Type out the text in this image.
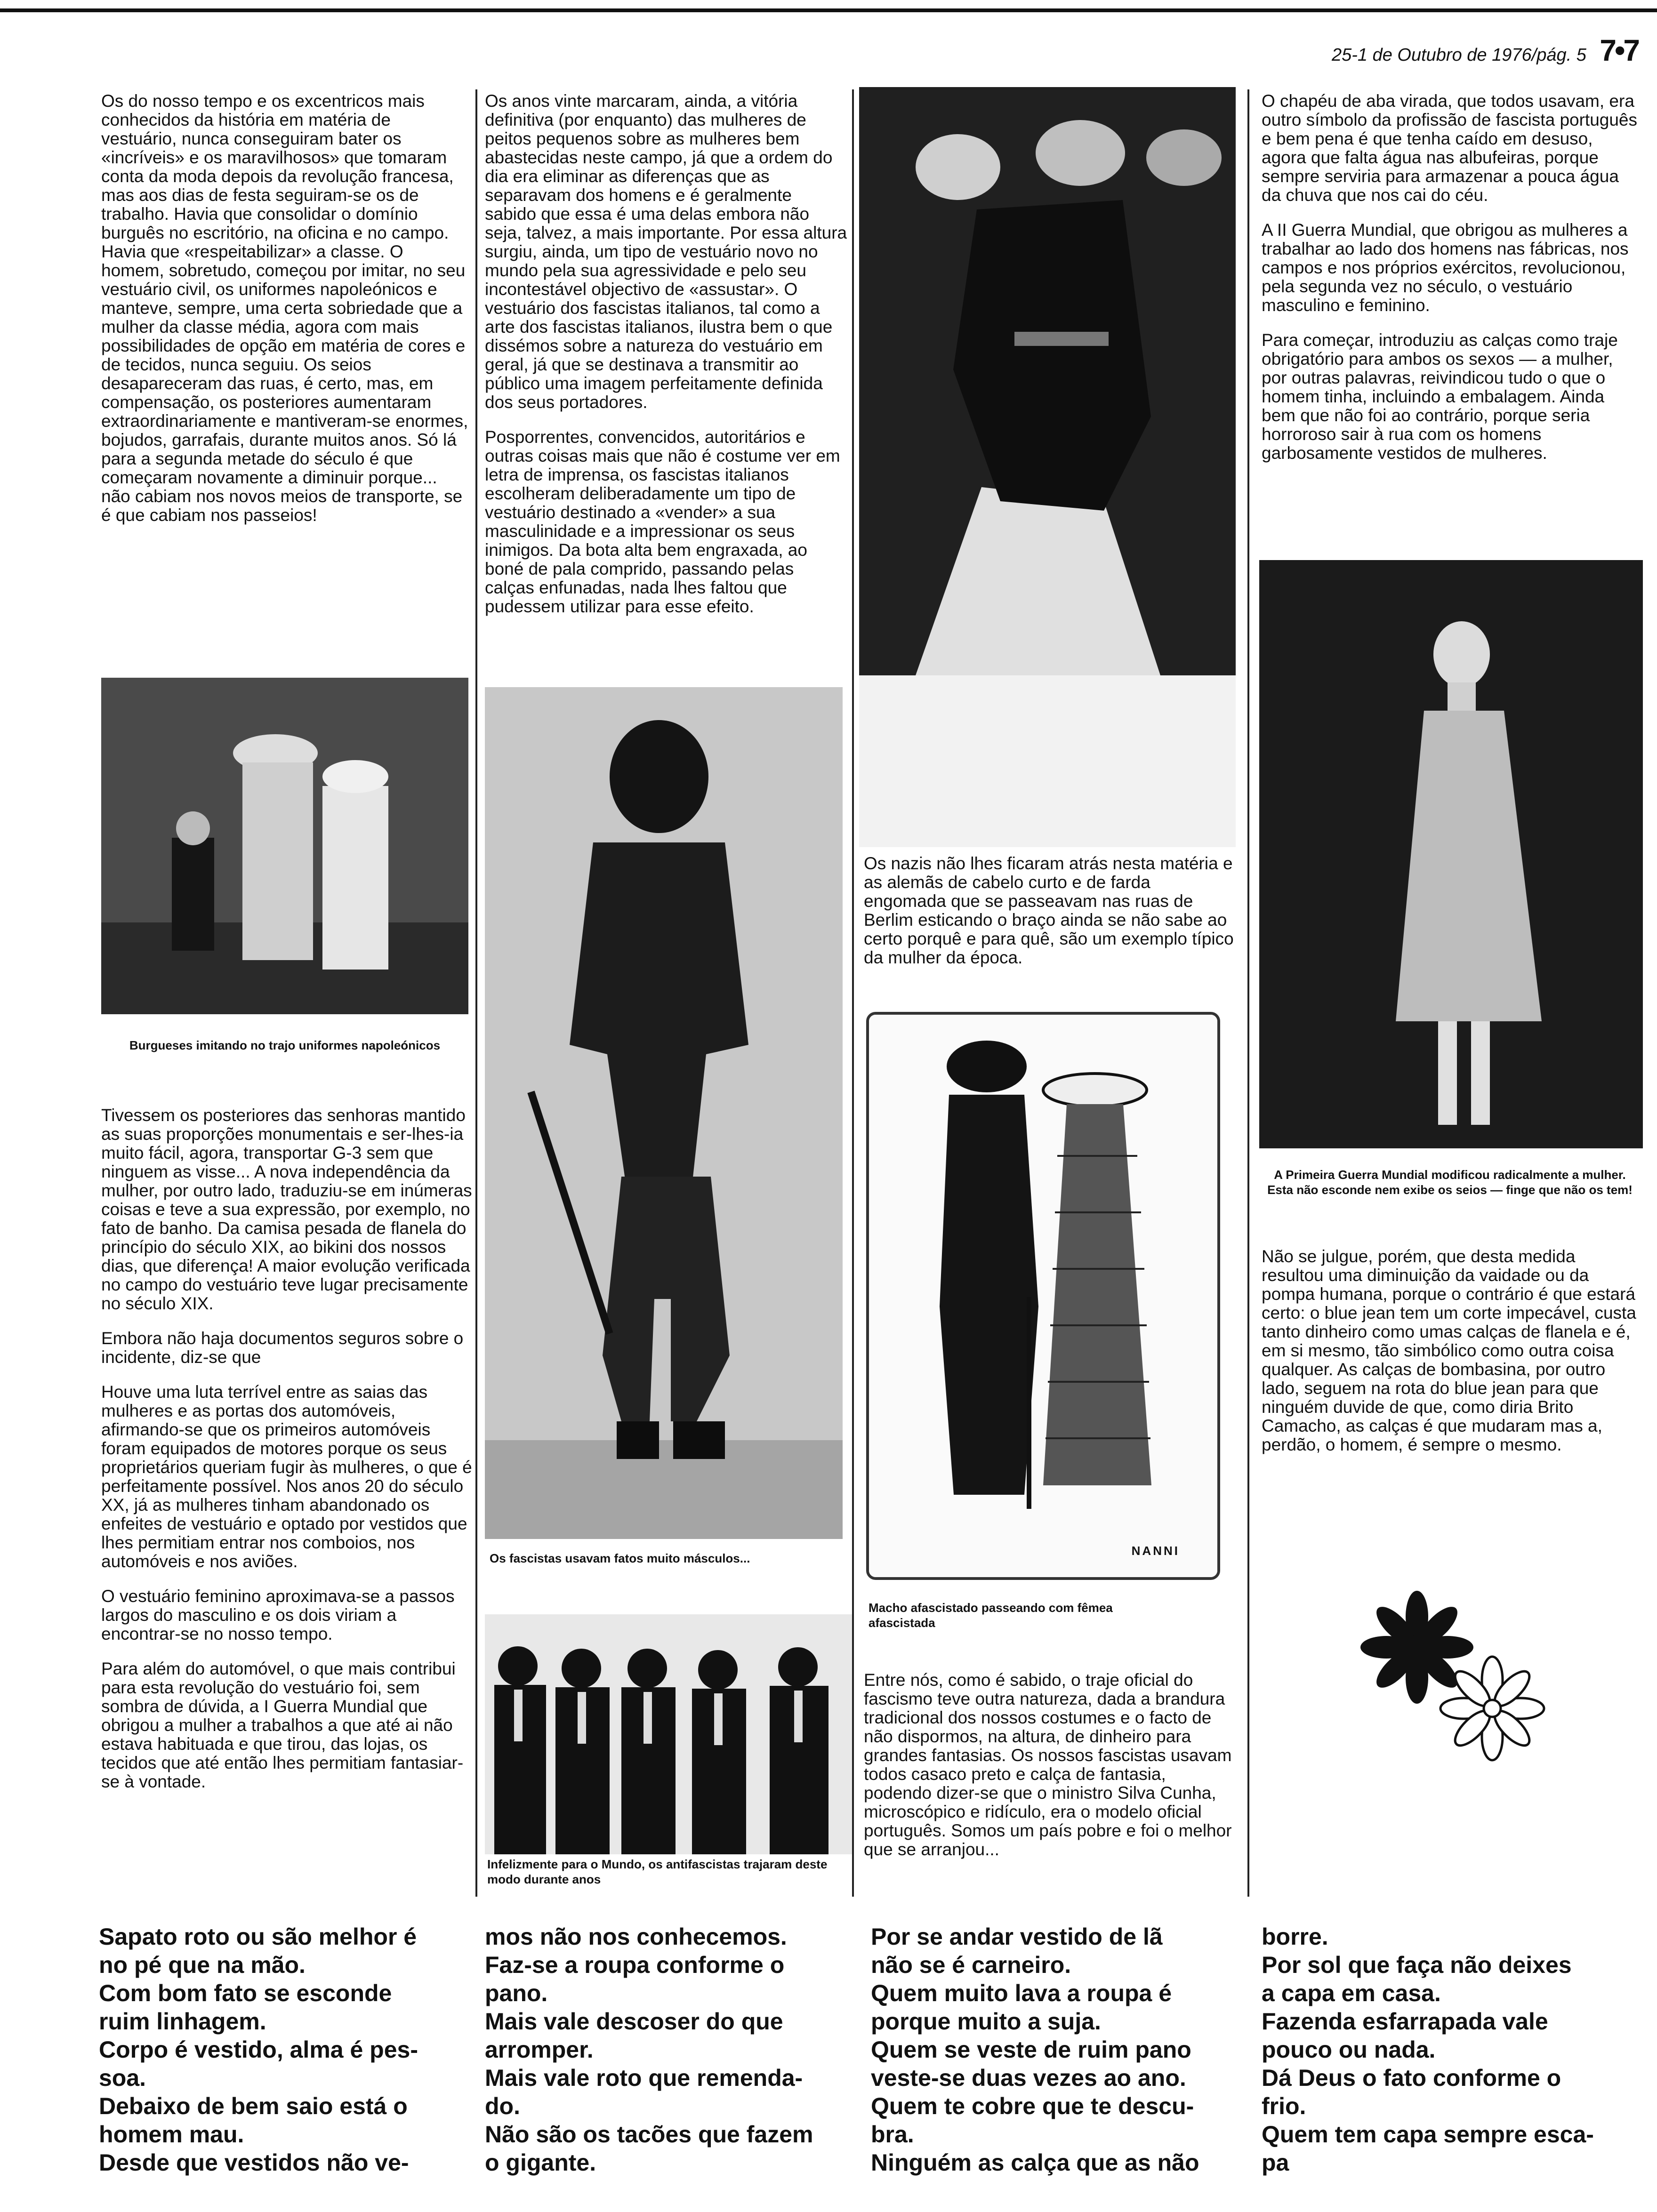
25-1 de Outubro de 1976/pág. 5 7•7

Os do nosso tempo e os excentricos mais conhecidos da história em matéria de vestuário, nunca conseguiram bater os «incríveis» e os maravilhosos» que tomaram conta da moda depois da revolução francesa, mas aos dias de festa seguiram-se os de trabalho. Havia que consolidar o domínio burguês no escritório, na oficina e no campo. Havia que «respeitabilizar» a classe. O homem, sobretudo, começou por imitar, no seu vestuário civil, os uniformes napoleónicos e manteve, sempre, uma certa sobriedade que a mulher da classe média, agora com mais possibilidades de opção em matéria de cores e de tecidos, nunca seguiu. Os seios desapareceram das ruas, é certo, mas, em compensação, os posteriores aumentaram extraordinariamente e mantiveram-se enormes, bojudos, garrafais, durante muitos anos. Só lá para a segunda metade do século é que começaram novamente a diminuir porque... não cabiam nos novos meios de transporte, se é que cabiam nos passeios!

Burgueses imitando no trajo uniformes napoleónicos

Tivessem os posteriores das senhoras mantido as suas proporções monumentais e ser-lhes-ia muito fácil, agora, transportar G-3 sem que ninguem as visse... A nova independência da mulher, por outro lado, traduziu-se em inúmeras coisas e teve a sua expressão, por exemplo, no fato de banho. Da camisa pesada de flanela do princípio do século XIX, ao bikini dos nossos dias, que diferença! A maior evolução verificada no campo do vestuário teve lugar precisamente no século XIX.

Embora não haja documentos seguros sobre o incidente, diz-se que

Houve uma luta terrível entre as saias das mulheres e as portas dos automóveis, afirmando-se que os primeiros automóveis foram equipados de motores porque os seus proprietários queriam fugir às mulheres, o que é perfeitamente possível. Nos anos 20 do século XX, já as mulheres tinham abandonado os enfeites de vestuário e optado por vestidos que lhes permitiam entrar nos comboios, nos automóveis e nos aviões.

O vestuário feminino aproximava-se a passos largos do masculino e os dois viriam a encontrar-se no nosso tempo.

Para além do automóvel, o que mais contribui para esta revolução do vestuário foi, sem sombra de dúvida, a I Guerra Mundial que obrigou a mulher a trabalhos a que até ai não estava habituada e que tirou, das lojas, os tecidos que até então lhes permitiam fantasiar-se à vontade.

Os anos vinte marcaram, ainda, a vitória definitiva (por enquanto) das mulheres de peitos pequenos sobre as mulheres bem abastecidas neste campo, já que a ordem do dia era eliminar as diferenças que as separavam dos homens e é geralmente sabido que essa é uma delas embora não seja, talvez, a mais importante. Por essa altura surgiu, ainda, um tipo de vestuário novo no mundo pela sua agressividade e pelo seu incontestável objectivo de «assustar». O vestuário dos fascistas italianos, tal como a arte dos fascistas italianos, ilustra bem o que dissémos sobre a natureza do vestuário em geral, já que se destinava a transmitir ao público uma imagem perfeitamente definida dos seus portadores.

Posporrentes, convencidos, autoritários e outras coisas mais que não é costume ver em letra de imprensa, os fascistas italianos escolheram deliberadamente um tipo de vestuário destinado a «vender» a sua masculinidade e a impressionar os seus inimigos. Da bota alta bem engraxada, ao boné de pala comprido, passando pelas calças enfunadas, nada lhes faltou que pudessem utilizar para esse efeito.

Os fascistas usavam fatos muito másculos...
Infelizmente para o Mundo, os antifascistas trajaram deste modo durante anos

Os nazis não lhes ficaram atrás nesta matéria e as alemãs de cabelo curto e de farda engomada que se passeavam nas ruas de Berlim esticando o braço ainda se não sabe ao certo porquê e para quê, são um exemplo típico da mulher da época.

NANNI
Macho afascistado passeando com fêmea afascistada

Entre nós, como é sabido, o traje oficial do fascismo teve outra natureza, dada a brandura tradicional dos nossos costumes e o facto de não dispormos, na altura, de dinheiro para grandes fantasias. Os nossos fascistas usavam todos casaco preto e calça de fantasia, podendo dizer-se que o ministro Silva Cunha, microscópico e ridículo, era o modelo oficial português. Somos um país pobre e foi o melhor que se arranjou...

O chapéu de aba virada, que todos usavam, era outro símbolo da profissão de fascista português e bem pena é que tenha caído em desuso, agora que falta água nas albufeiras, porque sempre serviria para armazenar a pouca água da chuva que nos cai do céu.

A II Guerra Mundial, que obrigou as mulheres a trabalhar ao lado dos homens nas fábricas, nos campos e nos próprios exércitos, revolucionou, pela segunda vez no século, o vestuário masculino e feminino.

Para começar, introduziu as calças como traje obrigatório para ambos os sexos — a mulher, por outras palavras, reivindicou tudo o que o homem tinha, incluindo a embalagem. Ainda bem que não foi ao contrário, porque seria horroroso sair à rua com os homens garbosamente vestidos de mulheres.

A Primeira Guerra Mundial modificou radicalmente a mulher. Esta não esconde nem exibe os seios — finge que não os tem!

Não se julgue, porém, que desta medida resultou uma diminuição da vaidade ou da pompa humana, porque o contrário é que estará certo: o blue jean tem um corte impecável, custa tanto dinheiro como umas calças de flanela e é, em si mesmo, tão simbólico como outra coisa qualquer. As calças de bombasina, por outro lado, seguem na rota do blue jean para que ninguém duvide de que, como diria Brito Camacho, as calças é que mudaram mas a, perdão, o homem, é sempre o mesmo.

Sapato roto ou são melhor é
no pé que na mão.
Com bom fato se esconde
ruim linhagem.
Corpo é vestido, alma é pes-
soa.
Debaixo de bem saio está o
homem mau.
Desde que vestidos não ve-
mos não nos conhecemos.
Faz-se a roupa conforme o
pano.
Mais vale descoser do que
arromper.
Mais vale roto que remenda-
do.
Não são os tacões que fazem
o gigante.
Por se andar vestido de lã
não se é carneiro.
Quem muito lava a roupa é
porque muito a suja.
Quem se veste de ruim pano
veste-se duas vezes ao ano.
Quem te cobre que te descu-
bra.
Ninguém as calça que as não
borre.
Por sol que faça não deixes
a capa em casa.
Fazenda esfarrapada vale
pouco ou nada.
Dá Deus o fato conforme o
frio.
Quem tem capa sempre esca-
pa
